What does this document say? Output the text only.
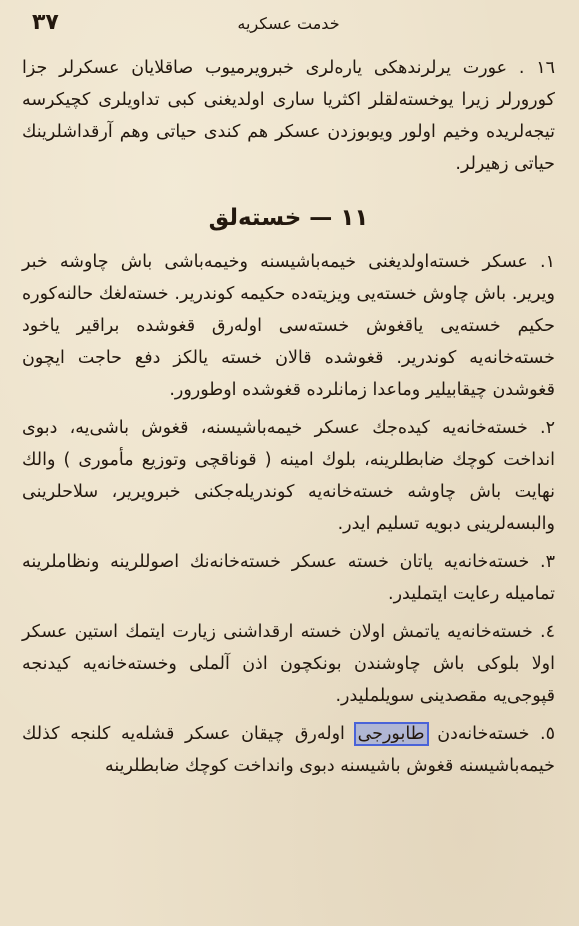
٣٧	خدمت عسکريه

١٦ . عورت يرلرندهکی يارەلری خبرويرميوب صاقلايان عسکرلر جزا کورورلر زيرا يوخستەلقلر اکثريا ساری اولديغنی کبی تداويلری کچيکرسه تيجەلريده وخيم اولور ويوبوزدن عسکر هم کندی حياتی وهم آرقداشلرينك حياتی زهيرلر.

١١ — خستەلق

١. عسکر خستەاولديغنی خيمەباشيسنه وخيمەباشی باش چاوشه خبر ويرير. باش چاوش خستەيی ويزيتەده حکيمه کوندرير. خستەلغك حالنەکوره حکيم خستەيی ياقغوش خستەسی اولەرق قغوشده براقير ياخود خستەخانەيه کوندرير. قغوشده قالان خسته يالکز دفع حاجت ايچون قغوشدن چيقابيلير وماعدا زمانلرده قغوشده اوطورور.

٢. خستەخانەيه کيدەجك عسکر خيمەباشيسنه، قغوش باشی‌يه، دبوی انداخت کوچك ضابطلرينه، بلوك امينه ( قوناقچی وتوزيع مأموری ) والك نهايت باش چاوشه خستەخانەيه کوندريلەجکنی خبرويرير، سلاحلرينی والبسەلرينی دبويه تسليم ايدر.

٣. خستەخانەيه ياتان خسته عسکر خستەخانەنك اصوللرينه ونظاملرينه تماميله رعايت ايتملیدر.

٤. خستەخانەيه ياتمش اولان خسته ارقداشنی زيارت ايتمك استين عسکر اولا بلوکی باش چاوشندن بونکچون اذن آلملی وخستەخانەيه کيدنجه قپوجی‌يه مقصدينی سويلملیدر.

٥. خستەخانەدن طابورجی اولەرق چيقان عسکر قشلەيه کلنجه کذلك خيمەباشيسنه قغوش باشيسنه دبوی وانداخت کوچك ضابطلرينه
